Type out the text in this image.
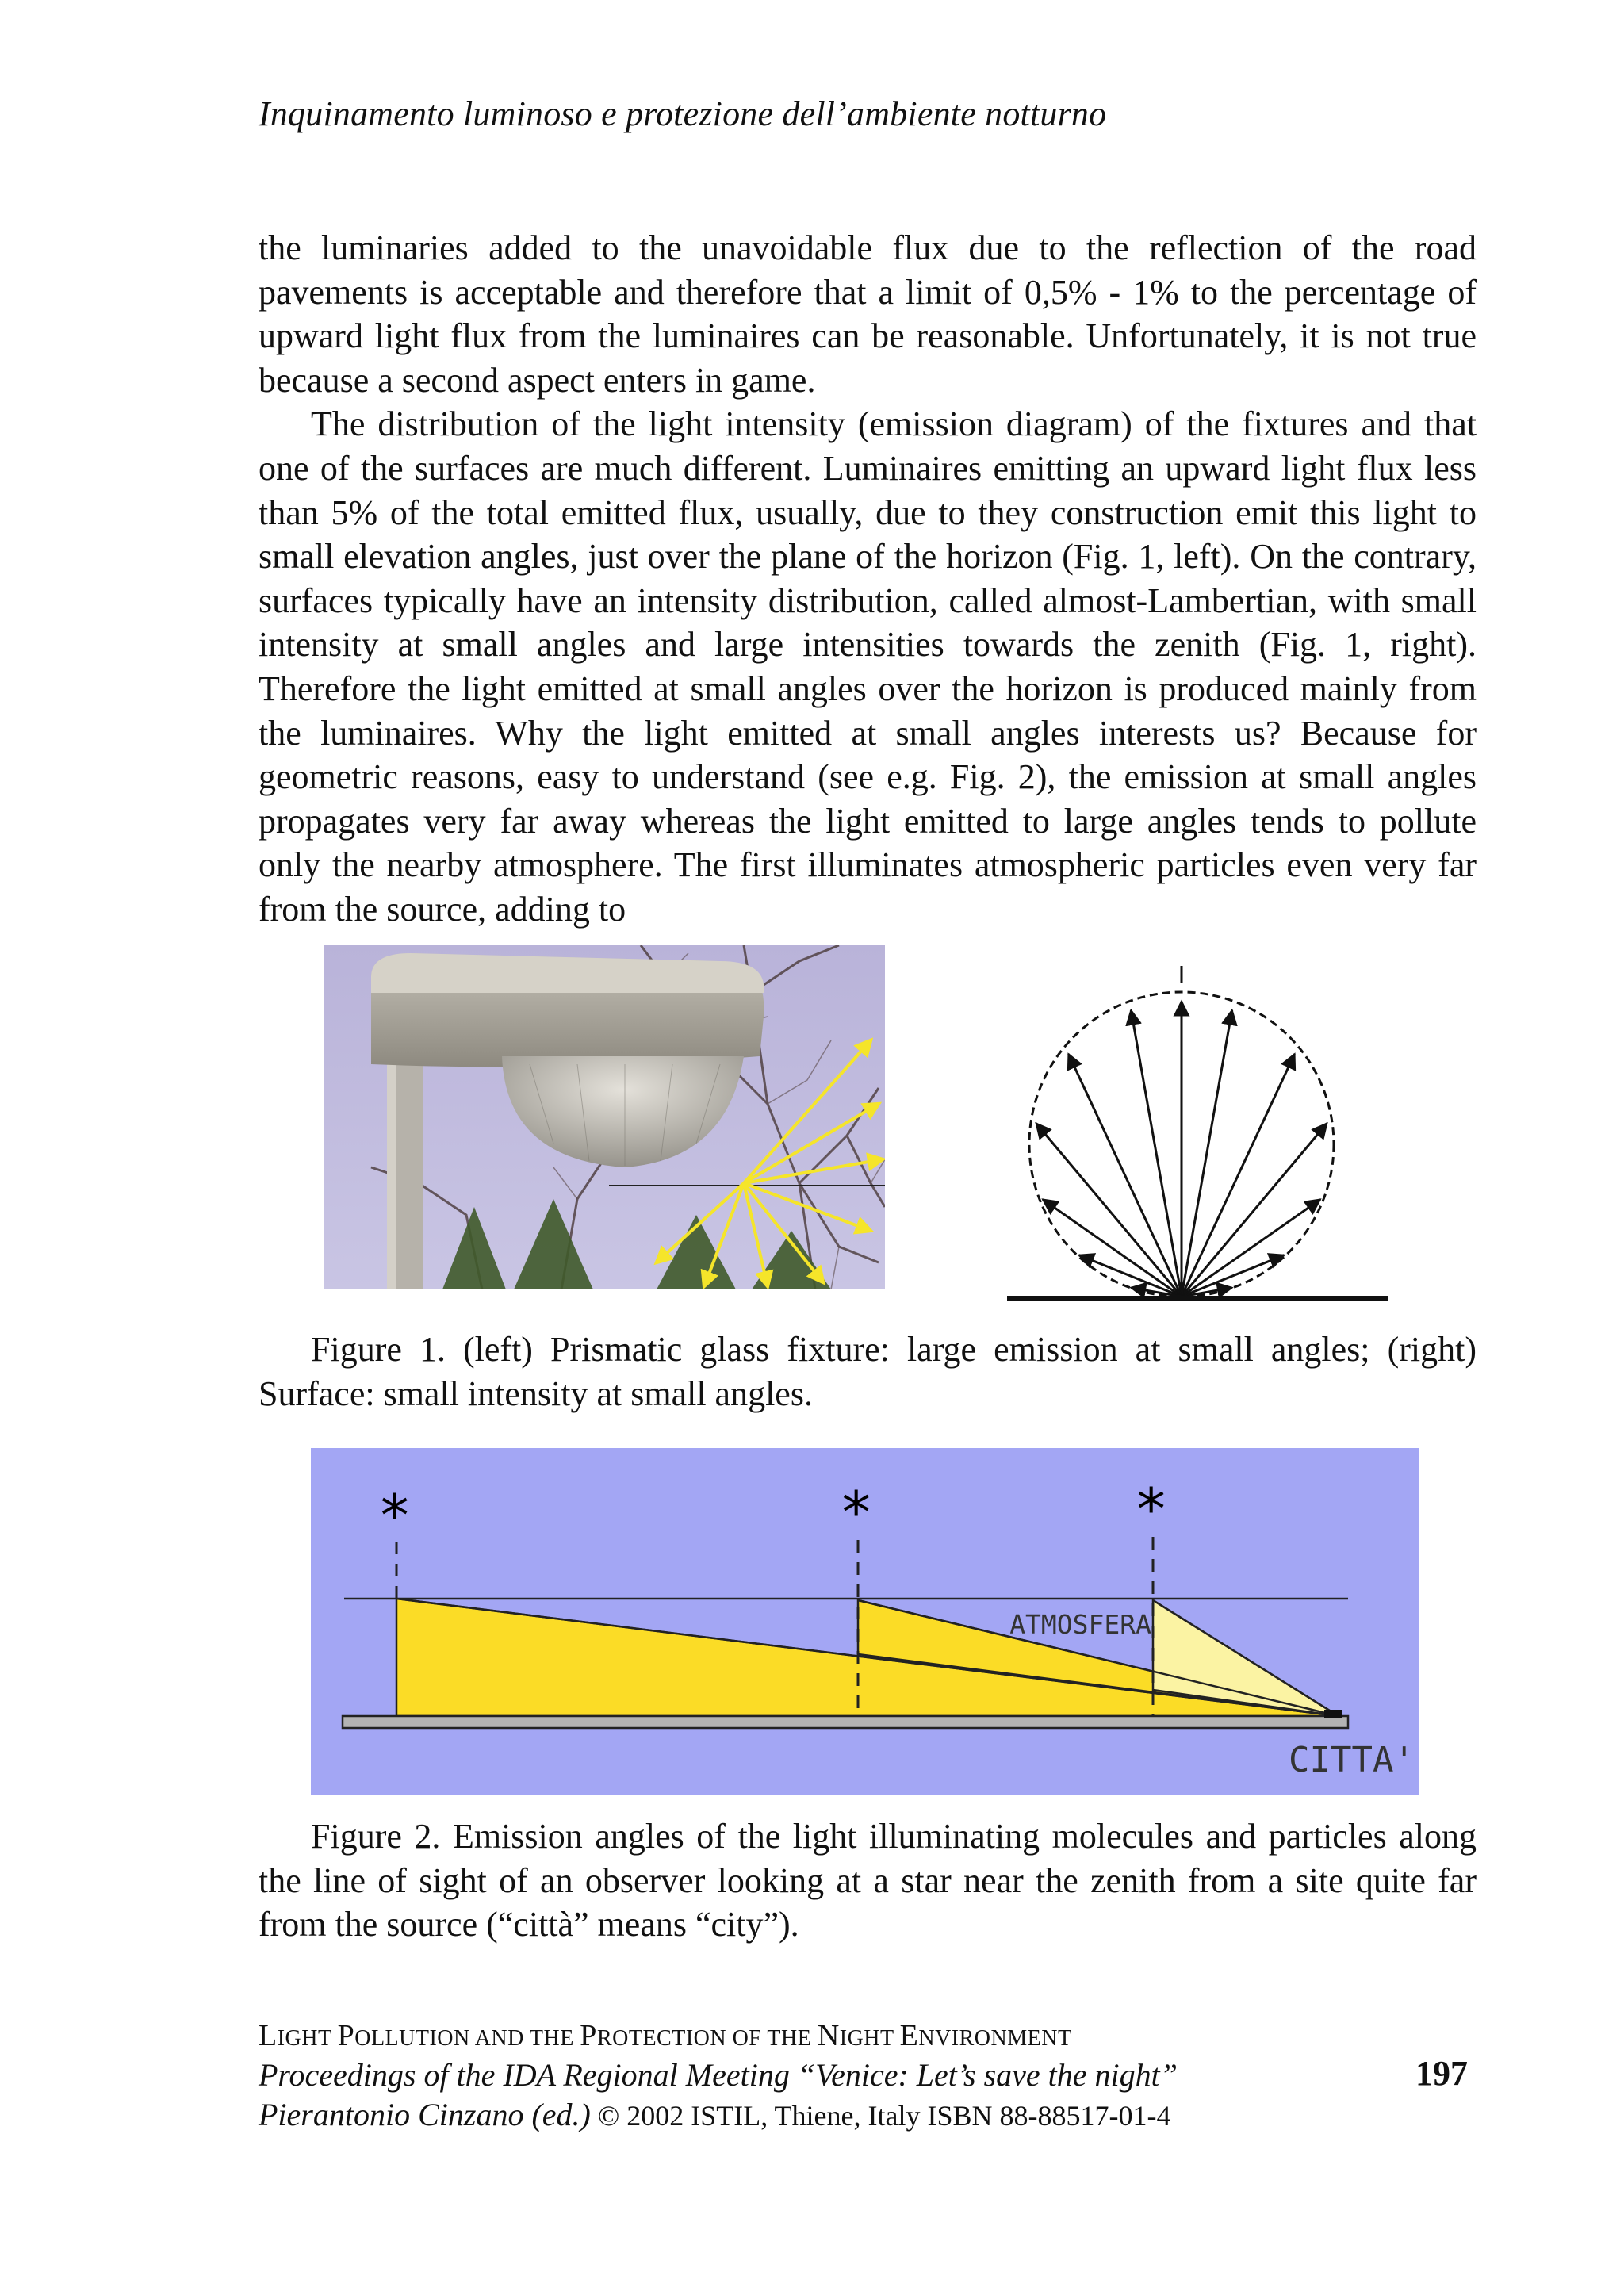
Inquinamento luminoso e protezione dell’ambiente notturno

the luminaries added to the unavoidable flux due to the reflection of the road pavements is acceptable and therefore that a limit of 0,5% - 1% to the percentage of upward light flux from the luminaires can be reasonable. Unfortunately, it is not true because a second aspect enters in game.

The distribution of the light intensity (emission diagram) of the fixtures and that one of the surfaces are much different. Luminaires emitting an upward light flux less than 5% of the total emitted flux, usually, due to they construction emit this light to small elevation angles, just over the plane of the horizon (Fig. 1, left). On the contrary, surfaces typically have an intensity distribution, called almost-Lambertian, with small intensity at small angles and large intensities towards the zenith (Fig. 1, right). Therefore the light emitted at small angles over the horizon is produced mainly from the luminaires. Why the light emitted at small angles interests us? Because for geometric reasons, easy to understand (see e.g. Fig. 2), the emission at small angles propagates very far away whereas the light emitted to large angles tends to pollute only the nearby atmosphere. The first illuminates atmospheric particles even very far from the source, adding to

Figure 1. (left) Prismatic glass fixture: large emission at small angles; (right) Surface: small intensity at small angles.

*	*	*
ATMOSFERA
CITTA'

Figure 2. Emission angles of the light illuminating molecules and particles along the line of sight of an observer looking at a star near the zenith from a site quite far from the source (“città” means “city”).

LIGHT POLLUTION AND THE PROTECTION OF THE NIGHT ENVIRONMENT
Proceedings of the IDA Regional Meeting “Venice: Let’s save the night”
Pierantonio Cinzano (ed.) © 2002 ISTIL, Thiene, Italy ISBN 88-88517-01-4
197
